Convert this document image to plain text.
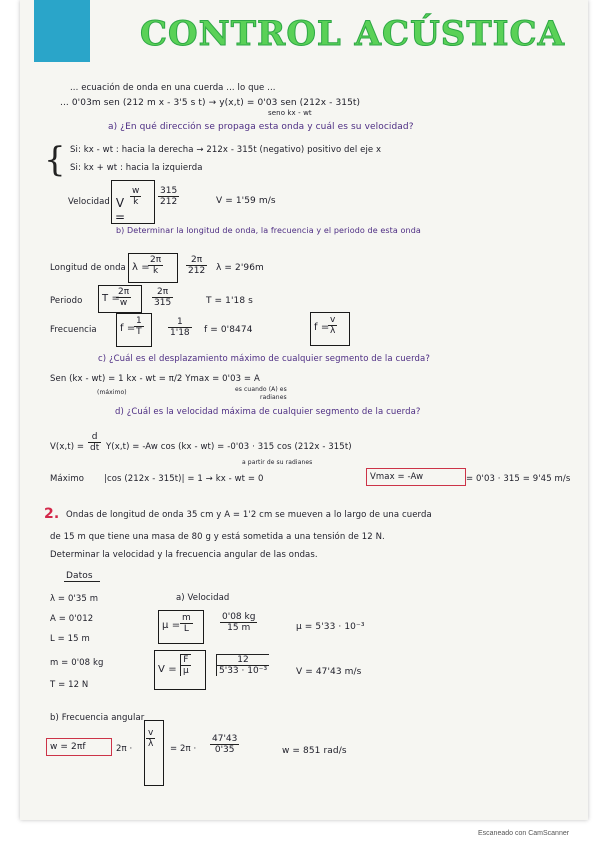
CONTROL ACÚSTICA
... ecuación de onda en una cuerda ... lo que ...
... 0'03m sen (212 m x - 3'5 s t) → y(x,t) = 0'03 sen (212x - 315t)
seno kx - wt
a) ¿En qué dirección se propaga esta onda y cuál es su velocidad?
{ Si: kx - wt : hacia la derecha → 212x - 315t (negativo) positivo del eje x
Si: kx + wt : hacia la izquierda
Velocidad V =
$\frac{w}{k} \frac{315}{212}$	V = 1'59 m/s
b) Determinar la longitud de onda, la frecuencia y el periodo de esta onda
Longitud de onda λ =
$\frac{2\pi}{k}$	$\frac{2\pi}{212}$ λ = 2'96m
Periodo T =
$\frac{2\pi}{w} \frac{2\pi}{315}$	T = 1'18 s
Frecuencia f =
$\frac{1}{T}$	$\frac{1}{1'18}$ f = 0'8474	f =
$\frac{v}{\lambda}$
c) ¿Cuál es el desplazamiento máximo de cualquier segmento de la cuerda?
Sen (kx - wt) = 1 kx - wt = π/2 Ymax = 0'03 = A
(máximo)	es cuando (A) es
radianes
d) ¿Cuál es la velocidad máxima de cualquier segmento de la cuerda?
$V(x,t) = \frac{d}{dt} Y(x,t) = -Aw$ cos (kx - wt) = -0'03 · 315 cos (212x - 315t)
a partir de su radianes
Máximo |cos (212x - 315t)| = 1 → kx - wt = 0	Vmax = -Aw	= 0'03 · 315 = 9'45 m/s
2. Ondas de longitud de onda 35 cm y A = 1'2 cm se mueven a lo largo de una cuerda
de 15 m que tiene una masa de 80 g y está sometida a una tensión de 12 N.
Determinar la velocidad y la frecuencia angular de las ondas.
Datos
λ = 0'35 m
A = 0'012
L = 15 m
m = 0'08 kg
T = 12 N
a) Velocidad
$\mu = \frac{m}{L}$	$\frac{0'08 kg}{15 m}$	μ = 5'33 · 10⁻³
$V = \frac{F}{\mu}$	$\frac{12}{\text{5'33 · 10⁻³}}$	V = 47'43 m/s
b) Frecuencia angular
w = 2πf	$2\pi \cdot \frac{v}{\lambda} = 2\pi \cdot \frac{47'43}{0'35}$	w = 851 rad/s
Escaneado con CamScanner
